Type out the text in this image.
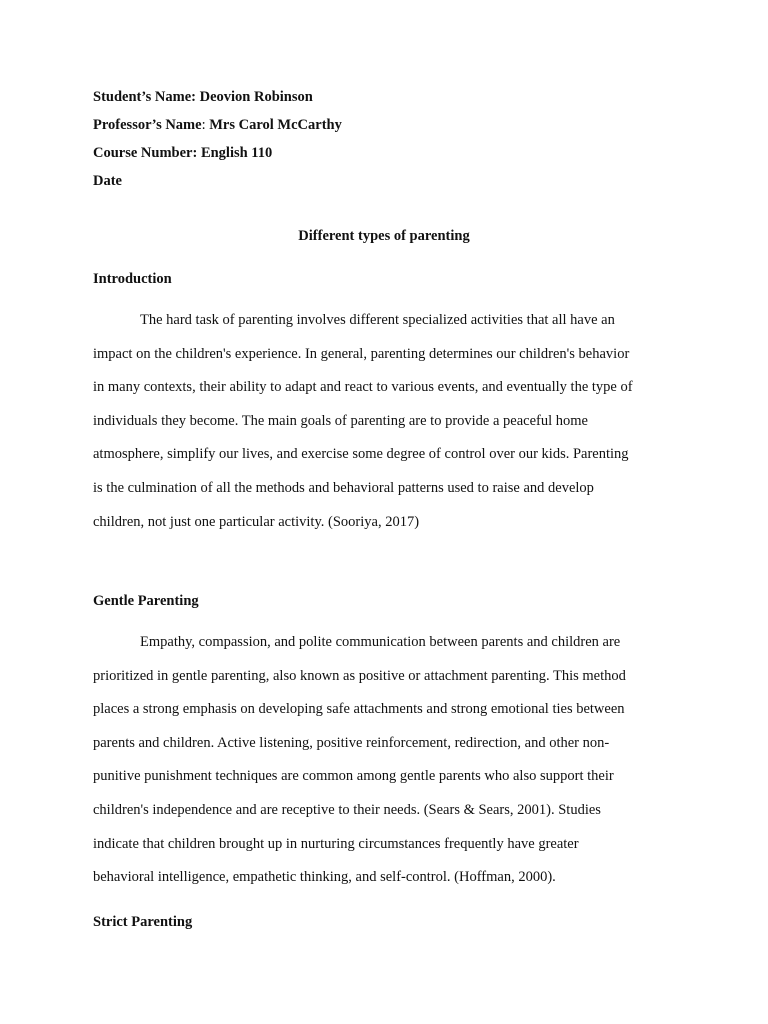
Student’s Name: Deovion Robinson
Professor’s Name: Mrs Carol McCarthy
Course Number: English 110
Date
Different types of parenting
Introduction
The hard task of parenting involves different specialized activities that all have an
impact on the children's experience. In general, parenting determines our children's behavior
in many contexts, their ability to adapt and react to various events, and eventually the type of
individuals they become. The main goals of parenting are to provide a peaceful home
atmosphere, simplify our lives, and exercise some degree of control over our kids. Parenting
is the culmination of all the methods and behavioral patterns used to raise and develop
children, not just one particular activity. (Sooriya, 2017)
Gentle Parenting
Empathy, compassion, and polite communication between parents and children are
prioritized in gentle parenting, also known as positive or attachment parenting. This method
places a strong emphasis on developing safe attachments and strong emotional ties between
parents and children. Active listening, positive reinforcement, redirection, and other non-
punitive punishment techniques are common among gentle parents who also support their
children's independence and are receptive to their needs. (Sears & Sears, 2001). Studies
indicate that children brought up in nurturing circumstances frequently have greater
behavioral intelligence, empathetic thinking, and self-control. (Hoffman, 2000).
Strict Parenting
